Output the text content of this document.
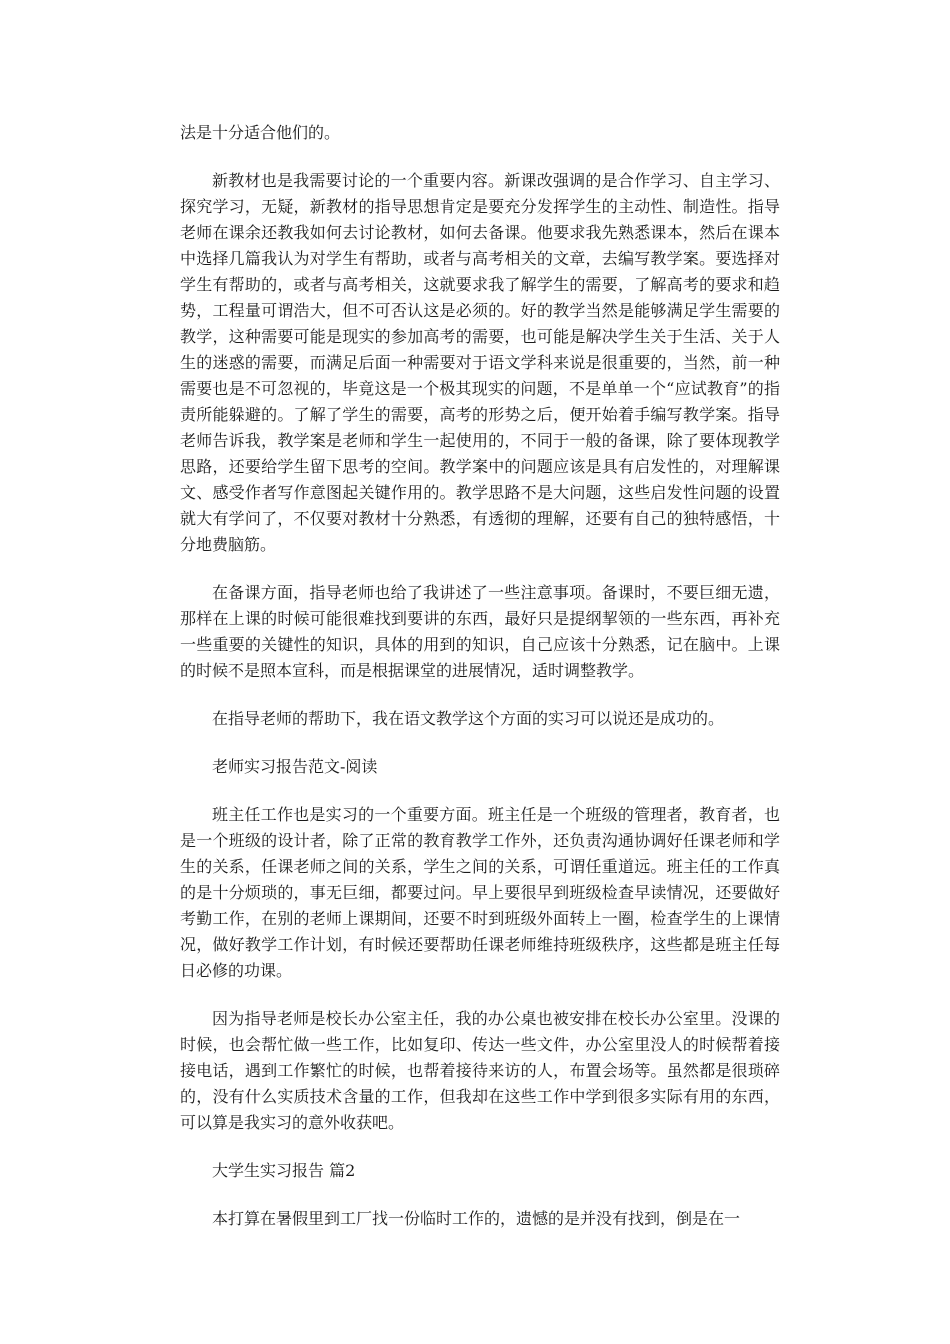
法是十分适合他们的。

新教材也是我需要讨论的一个重要内容。新课改强调的是合作学习、自主学习、探究学习，无疑，新教材的指导思想肯定是要充分发挥学生的主动性、制造性。指导老师在课余还教我如何去讨论教材，如何去备课。他要求我先熟悉课本，然后在课本中选择几篇我认为对学生有帮助，或者与高考相关的文章，去编写教学案。要选择对学生有帮助的，或者与高考相关，这就要求我了解学生的需要，了解高考的要求和趋势，工程量可谓浩大，但不可否认这是必须的。好的教学当然是能够满足学生需要的教学，这种需要可能是现实的参加高考的需要，也可能是解决学生关于生活、关于人生的迷惑的需要，而满足后面一种需要对于语文学科来说是很重要的，当然，前一种需要也是不可忽视的，毕竟这是一个极其现实的问题，不是单单一个“应试教育”的指责所能躲避的。了解了学生的需要，高考的形势之后，便开始着手编写教学案。指导老师告诉我，教学案是老师和学生一起使用的，不同于一般的备课，除了要体现教学思路，还要给学生留下思考的空间。教学案中的问题应该是具有启发性的，对理解课文、感受作者写作意图起关键作用的。教学思路不是大问题，这些启发性问题的设置就大有学问了，不仅要对教材十分熟悉，有透彻的理解，还要有自己的独特感悟，十分地费脑筋。

在备课方面，指导老师也给了我讲述了一些注意事项。备课时，不要巨细无遗，那样在上课的时候可能很难找到要讲的东西，最好只是提纲挈领的一些东西，再补充一些重要的关键性的知识，具体的用到的知识，自己应该十分熟悉，记在脑中。上课的时候不是照本宣科，而是根据课堂的进展情况，适时调整教学。

在指导老师的帮助下，我在语文教学这个方面的实习可以说还是成功的。

老师实习报告范文-阅读

班主任工作也是实习的一个重要方面。班主任是一个班级的管理者，教育者，也是一个班级的设计者，除了正常的教育教学工作外，还负责沟通协调好任课老师和学生的关系，任课老师之间的关系，学生之间的关系，可谓任重道远。班主任的工作真的是十分烦琐的，事无巨细，都要过问。早上要很早到班级检查早读情况，还要做好考勤工作，在别的老师上课期间，还要不时到班级外面转上一圈，检查学生的上课情况，做好教学工作计划，有时候还要帮助任课老师维持班级秩序，这些都是班主任每日必修的功课。

因为指导老师是校长办公室主任，我的办公桌也被安排在校长办公室里。没课的时候，也会帮忙做一些工作，比如复印、传达一些文件，办公室里没人的时候帮着接接电话，遇到工作繁忙的时候，也帮着接待来访的人，布置会场等。虽然都是很琐碎的，没有什么实质技术含量的工作，但我却在这些工作中学到很多实际有用的东西，可以算是我实习的意外收获吧。

大学生实习报告 篇2

本打算在暑假里到工厂找一份临时工作的，遗憾的是并没有找到，倒是在一
